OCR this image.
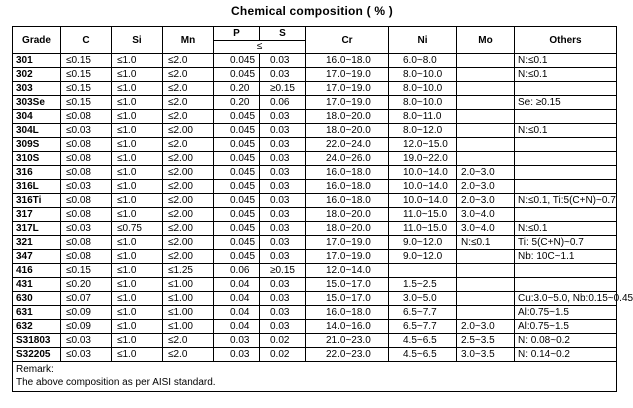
Chemical composition ( % )
Grade	C	Si	Mn	P	S	Cr	Ni	Mo	Others
				≤					
301	≤0.15	≤1.0	≤2.0	0.045	0.03	16.0~18.0	6.0~8.0		N:≤0.1
302	≤0.15	≤1.0	≤2.0	0.045	0.03	17.0~19.0	8.0~10.0		N:≤0.1
303	≤0.15	≤1.0	≤2.0	0.20	≥0.15	17.0~19.0	8.0~10.0		
303Se	≤0.15	≤1.0	≤2.0	0.20	0.06	17.0~19.0	8.0~10.0		Se: ≥0.15
304	≤0.08	≤1.0	≤2.0	0.045	0.03	18.0~20.0	8.0~11.0		
304L	≤0.03	≤1.0	≤2.00	0.045	0.03	18.0~20.0	8.0~12.0		N:≤0.1
309S	≤0.08	≤1.0	≤2.0	0.045	0.03	22.0~24.0	12.0~15.0		
310S	≤0.08	≤1.0	≤2.00	0.045	0.03	24.0~26.0	19.0~22.0		
316	≤0.08	≤1.0	≤2.00	0.045	0.03	16.0~18.0	10.0~14.0	2.0~3.0	
316L	≤0.03	≤1.0	≤2.00	0.045	0.03	16.0~18.0	10.0~14.0	2.0~3.0	
316Ti	≤0.08	≤1.0	≤2.00	0.045	0.03	16.0~18.0	10.0~14.0	2.0~3.0	N:≤0.1, Ti:5(C+N)~0.7
317	≤0.08	≤1.0	≤2.00	0.045	0.03	18.0~20.0	11.0~15.0	3.0~4.0	
317L	≤0.03	≤0.75	≤2.00	0.045	0.03	18.0~20.0	11.0~15.0	3.0~4.0	N:≤0.1
321	≤0.08	≤1.0	≤2.00	0.045	0.03	17.0~19.0	9.0~12.0	N:≤0.1	Ti: 5(C+N)~0.7
347	≤0.08	≤1.0	≤2.00	0.045	0.03	17.0~19.0	9.0~12.0		Nb: 10C~1.1
416	≤0.15	≤1.0	≤1.25	0.06	≥0.15	12.0~14.0			
431	≤0.20	≤1.0	≤1.00	0.04	0.03	15.0~17.0	1.5~2.5		
630	≤0.07	≤1.0	≤1.00	0.04	0.03	15.0~17.0	3.0~5.0		Cu:3.0~5.0, Nb:0.15~0.45
631	≤0.09	≤1.0	≤1.00	0.04	0.03	16.0~18.0	6.5~7.7		Al:0.75~1.5
632	≤0.09	≤1.0	≤1.00	0.04	0.03	14.0~16.0	6.5~7.7	2.0~3.0	Al:0.75~1.5
S31803	≤0.03	≤1.0	≤2.0	0.03	0.02	21.0~23.0	4.5~6.5	2.5~3.5	N: 0.08~0.2
S32205	≤0.03	≤1.0	≤2.0	0.03	0.02	22.0~23.0	4.5~6.5	3.0~3.5	N: 0.14~0.2

Remark:
The above composition as per AISI standard.									
